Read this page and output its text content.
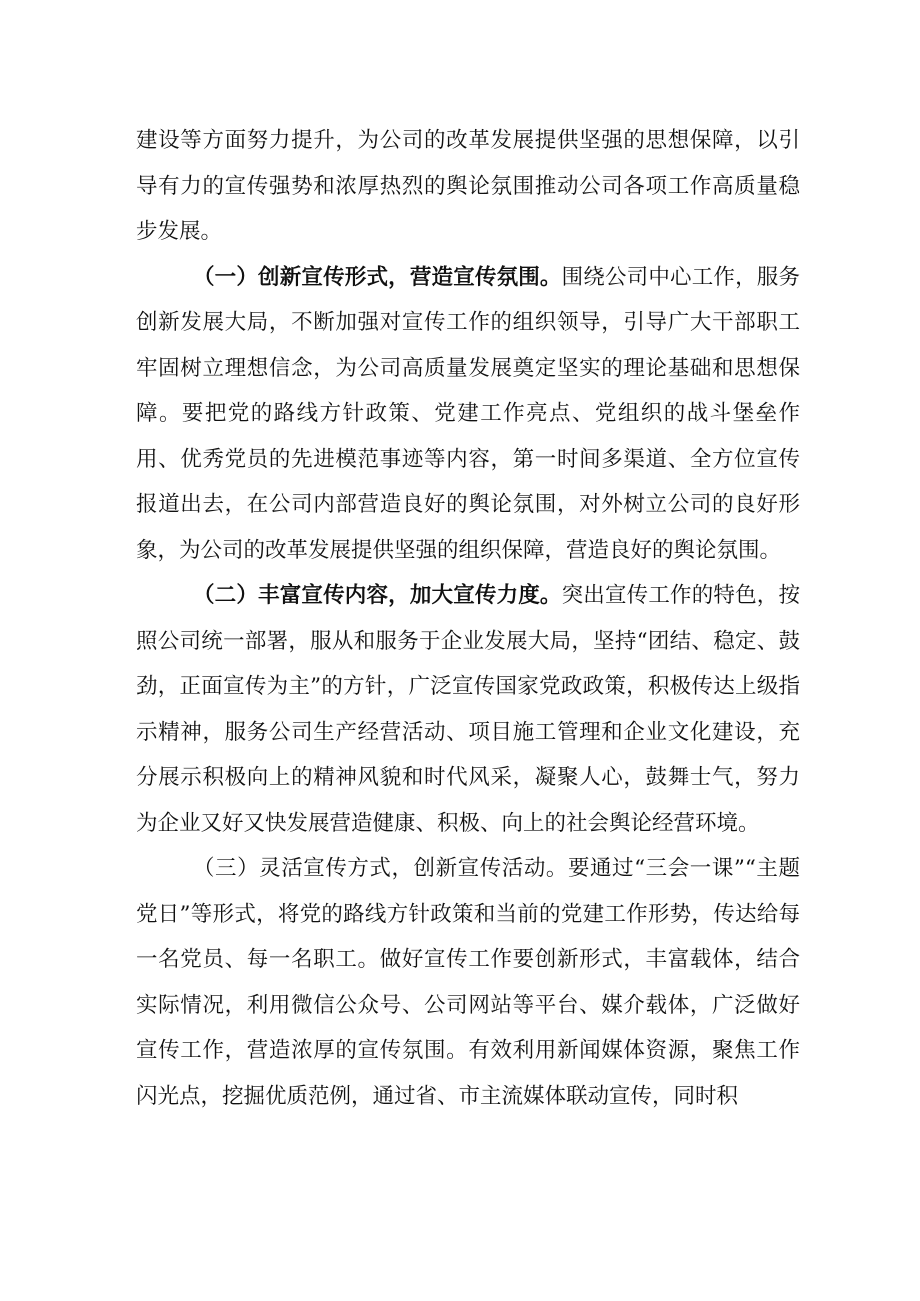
建设等方面努力提升，为公司的改革发展提供坚强的思想保障，以引导有力的宣传强势和浓厚热烈的舆论氛围推动公司各项工作高质量稳步发展。

（一）创新宣传形式，营造宣传氛围。围绕公司中心工作，服务创新发展大局，不断加强对宣传工作的组织领导，引导广大干部职工牢固树立理想信念，为公司高质量发展奠定坚实的理论基础和思想保障。要把党的路线方针政策、党建工作亮点、党组织的战斗堡垒作用、优秀党员的先进模范事迹等内容，第一时间多渠道、全方位宣传报道出去，在公司内部营造良好的舆论氛围，对外树立公司的良好形象，为公司的改革发展提供坚强的组织保障，营造良好的舆论氛围。

（二）丰富宣传内容，加大宣传力度。突出宣传工作的特色，按照公司统一部署，服从和服务于企业发展大局，坚持“团结、稳定、鼓劲，正面宣传为主”的方针，广泛宣传国家党政政策，积极传达上级指示精神，服务公司生产经营活动、项目施工管理和企业文化建设，充分展示积极向上的精神风貌和时代风采，凝聚人心，鼓舞士气，努力为企业又好又快发展营造健康、积极、向上的社会舆论经营环境。

（三）灵活宣传方式，创新宣传活动。要通过“三会一课”“主题党日”等形式，将党的路线方针政策和当前的党建工作形势，传达给每一名党员、每一名职工。做好宣传工作要创新形式，丰富载体，结合实际情况，利用微信公众号、公司网站等平台、媒介载体，广泛做好宣传工作，营造浓厚的宣传氛围。有效利用新闻媒体资源，聚焦工作闪光点，挖掘优质范例，通过省、市主流媒体联动宣传，同时积
